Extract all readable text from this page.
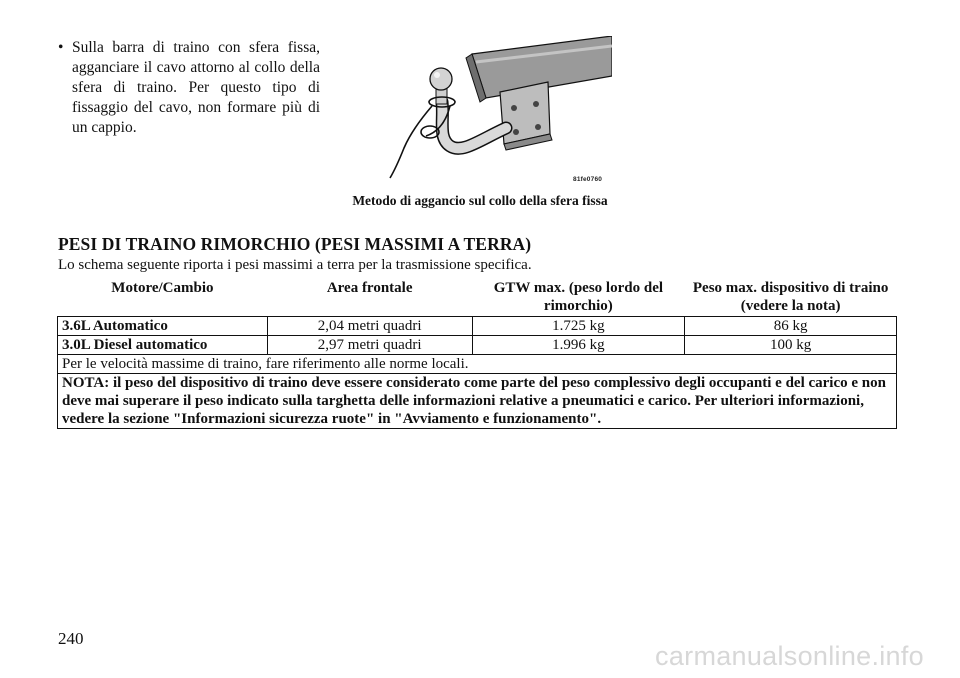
• Sulla barra di traino con sfera fissa, agganciare il cavo attorno al collo della sfera di traino. Per questo tipo di fissaggio del cavo, non formare più di un cappio.
81fe0760
Metodo di aggancio sul collo della sfera fissa
PESI DI TRAINO RIMORCHIO (PESI MASSIMI A TERRA)

Lo schema seguente riporta i pesi massimi a terra per la trasmissione specifica.

Motore/Cambio	Area frontale	GTW max. (peso lordo del rimorchio)	Peso max. dispositivo di traino (vedere la nota)
3.6L Automatico	2,04 metri quadri	1.725 kg	86 kg
3.0L Diesel automatico	2,97 metri quadri	1.996 kg	100 kg
Per le velocità massime di traino, fare riferimento alle norme locali.			
NOTA: il peso del dispositivo di traino deve essere considerato come parte del peso complessivo degli occupanti e del carico e non deve mai superare il peso indicato sulla targhetta delle informazioni relative a pneumatici e carico. Per ulteriori informazioni, vedere la sezione "Informazioni sicurezza ruote" in "Avviamento e funzionamento".			
240
carmanualsonline.info
